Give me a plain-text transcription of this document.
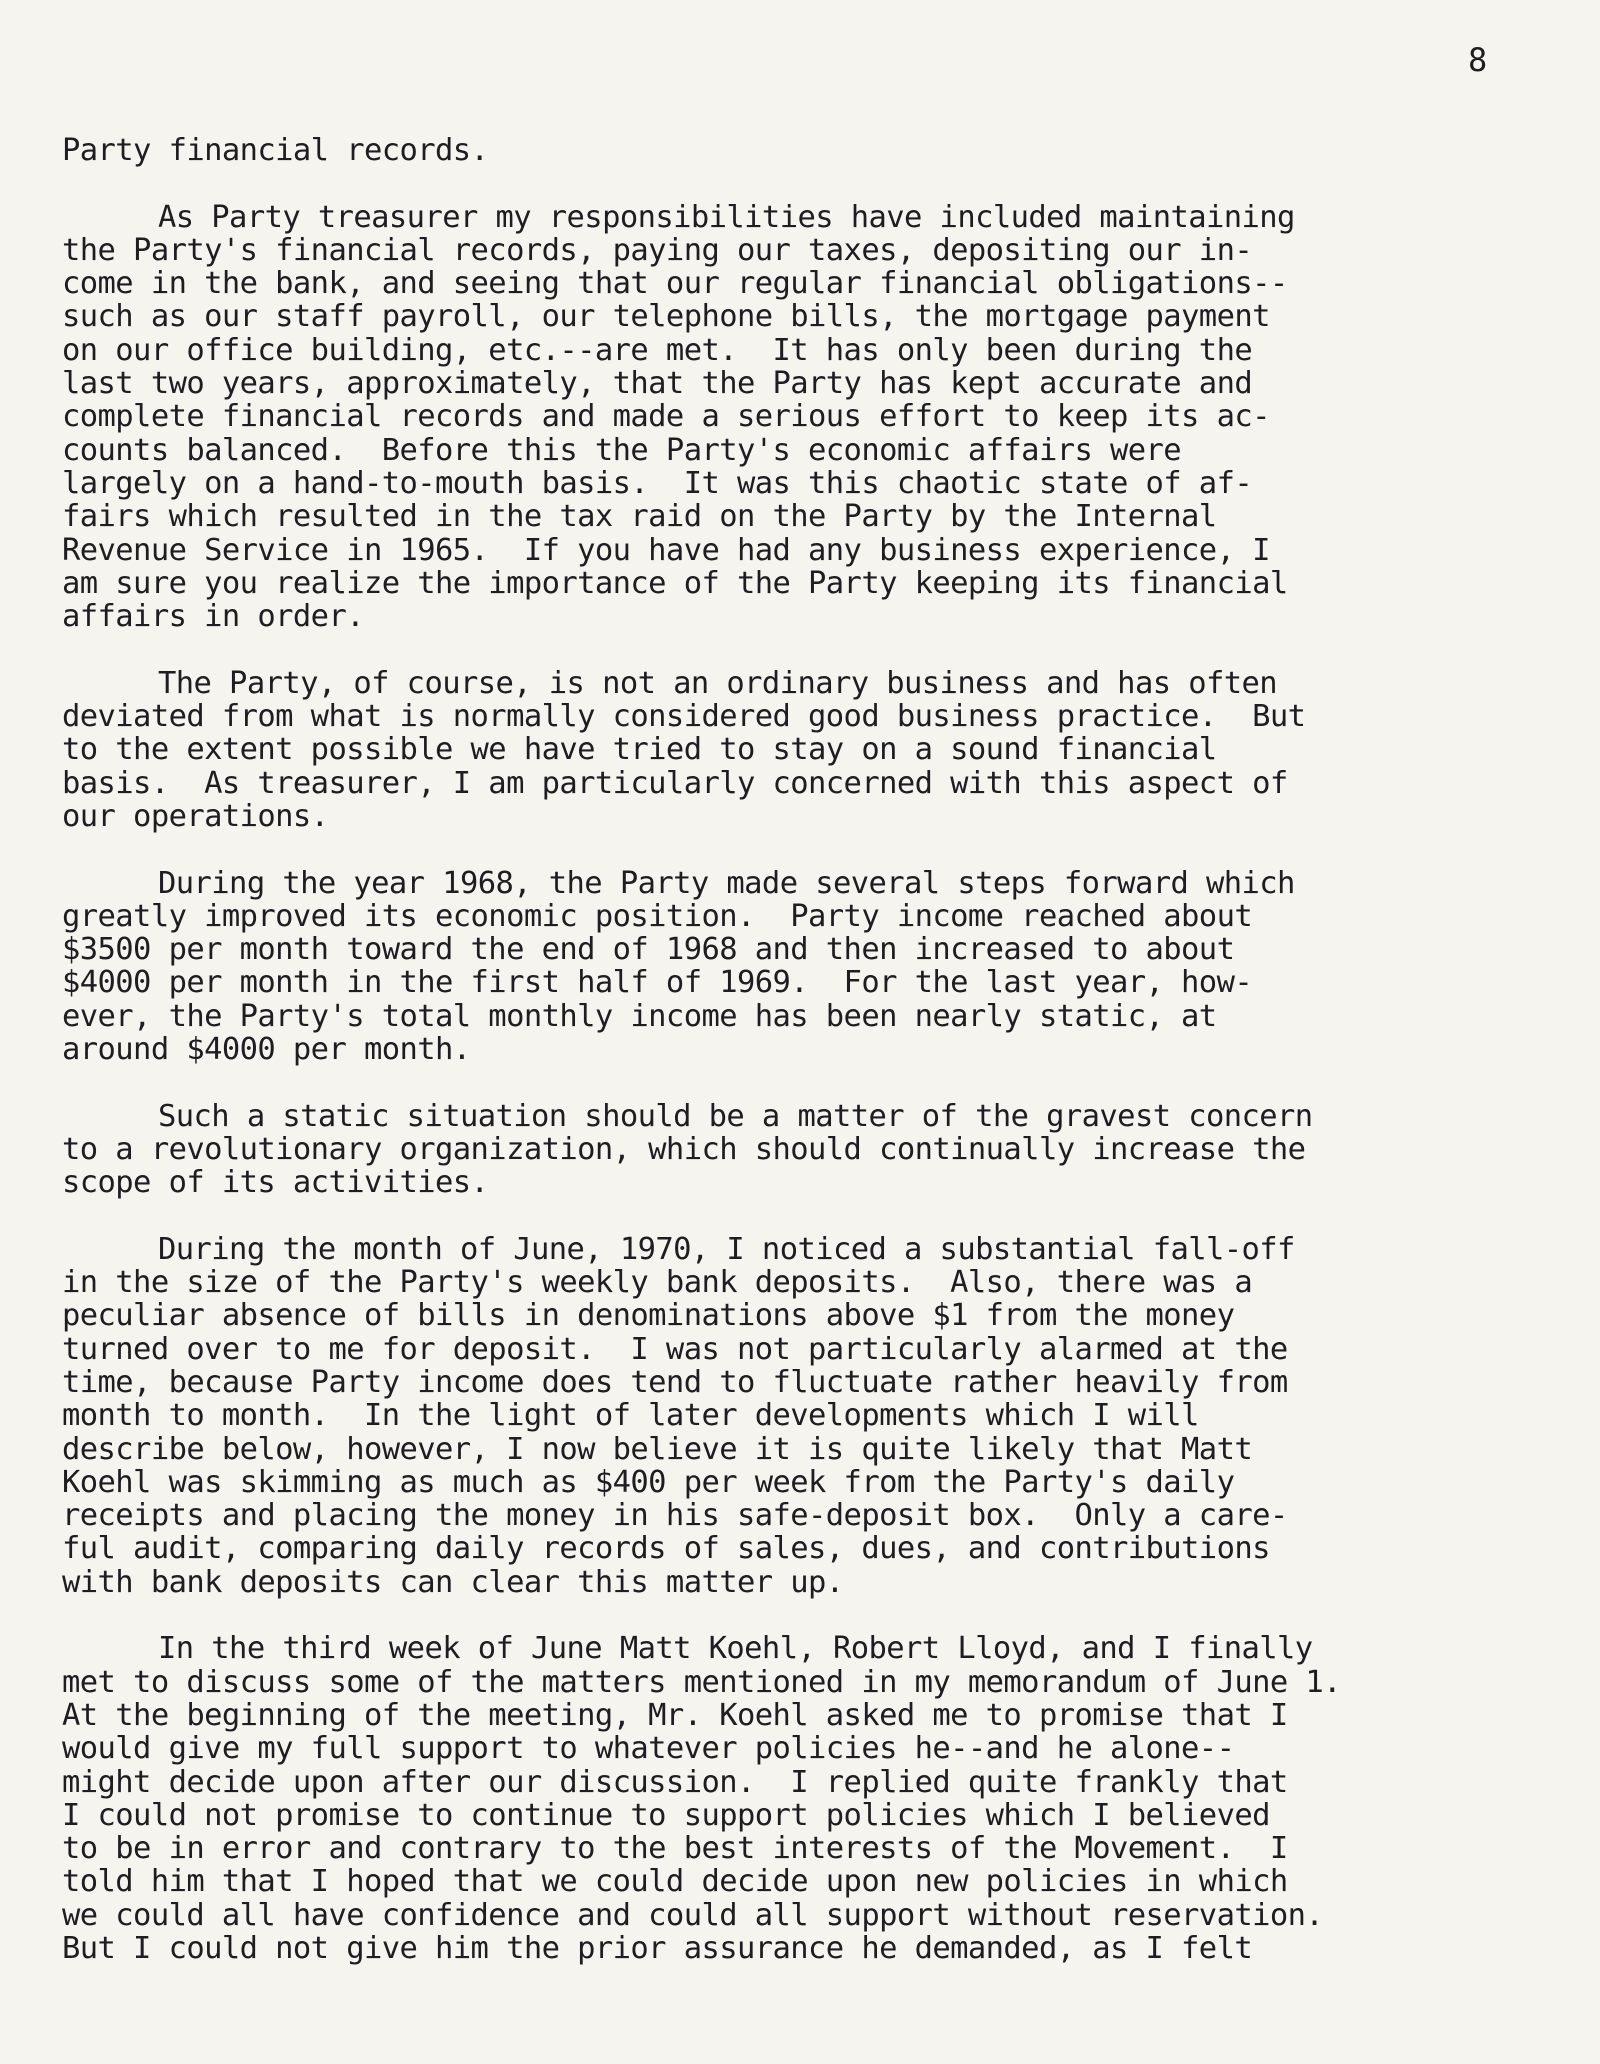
8
Party financial records.
As Party treasurer my responsibilities have included maintaining
the Party's financial records, paying our taxes, depositing our in-
come in the bank, and seeing that our regular financial obligations--
such as our staff payroll, our telephone bills, the mortgage payment
on our office building, etc.--are met.  It has only been during the
last two years, approximately, that the Party has kept accurate and
complete financial records and made a serious effort to keep its ac-
counts balanced.  Before this the Party's economic affairs were
largely on a hand-to-mouth basis.  It was this chaotic state of af-
fairs which resulted in the tax raid on the Party by the Internal
Revenue Service in 1965.  If you have had any business experience, I
am sure you realize the importance of the Party keeping its financial
affairs in order.
The Party, of course, is not an ordinary business and has often
deviated from what is normally considered good business practice.  But
to the extent possible we have tried to stay on a sound financial
basis.  As treasurer, I am particularly concerned with this aspect of
our operations.
During the year 1968, the Party made several steps forward which
greatly improved its economic position.  Party income reached about
$3500 per month toward the end of 1968 and then increased to about
$4000 per month in the first half of 1969.  For the last year, how-
ever, the Party's total monthly income has been nearly static, at
around $4000 per month.
Such a static situation should be a matter of the gravest concern
to a revolutionary organization, which should continually increase the
scope of its activities.
During the month of June, 1970, I noticed a substantial fall-off
in the size of the Party's weekly bank deposits.  Also, there was a
peculiar absence of bills in denominations above $1 from the money
turned over to me for deposit.  I was not particularly alarmed at the
time, because Party income does tend to fluctuate rather heavily from
month to month.  In the light of later developments which I will
describe below, however, I now believe it is quite likely that Matt
Koehl was skimming as much as $400 per week from the Party's daily
receipts and placing the money in his safe-deposit box.  Only a care-
ful audit, comparing daily records of sales, dues, and contributions
with bank deposits can clear this matter up.
In the third week of June Matt Koehl, Robert Lloyd, and I finally
met to discuss some of the matters mentioned in my memorandum of June 1.
At the beginning of the meeting, Mr. Koehl asked me to promise that I
would give my full support to whatever policies he--and he alone--
might decide upon after our discussion.  I replied quite frankly that
I could not promise to continue to support policies which I believed
to be in error and contrary to the best interests of the Movement.  I
told him that I hoped that we could decide upon new policies in which
we could all have confidence and could all support without reservation.
But I could not give him the prior assurance he demanded, as I felt
